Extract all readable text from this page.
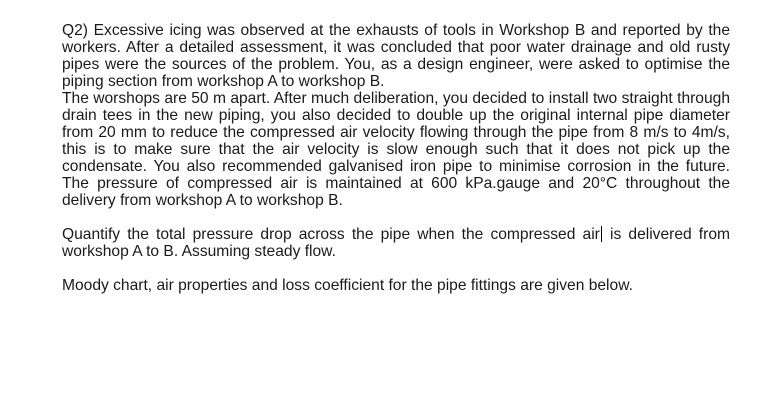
Q2) Excessive icing was observed at the exhausts of tools in Workshop B and reported by the workers. After a detailed assessment, it was concluded that poor water drainage and old rusty pipes were the sources of the problem. You, as a design engineer, were asked to optimise the piping section from workshop A to workshop B.

The worshops are 50 m apart. After much deliberation, you decided to install two straight through drain tees in the new piping, you also decided to double up the original internal pipe diameter from 20 mm to reduce the compressed air velocity flowing through the pipe from 8 m/s to 4m/s, this is to make sure that the air velocity is slow enough such that it does not pick up the condensate. You also recommended galvanised iron pipe to minimise corrosion in the future. The pressure of compressed air is maintained at 600 kPa.gauge and 20°C throughout the delivery from workshop A to workshop B.

Quantify the total pressure drop across the pipe when the compressed air is delivered from workshop A to B. Assuming steady flow.

Moody chart, air properties and loss coefficient for the pipe fittings are given below.
